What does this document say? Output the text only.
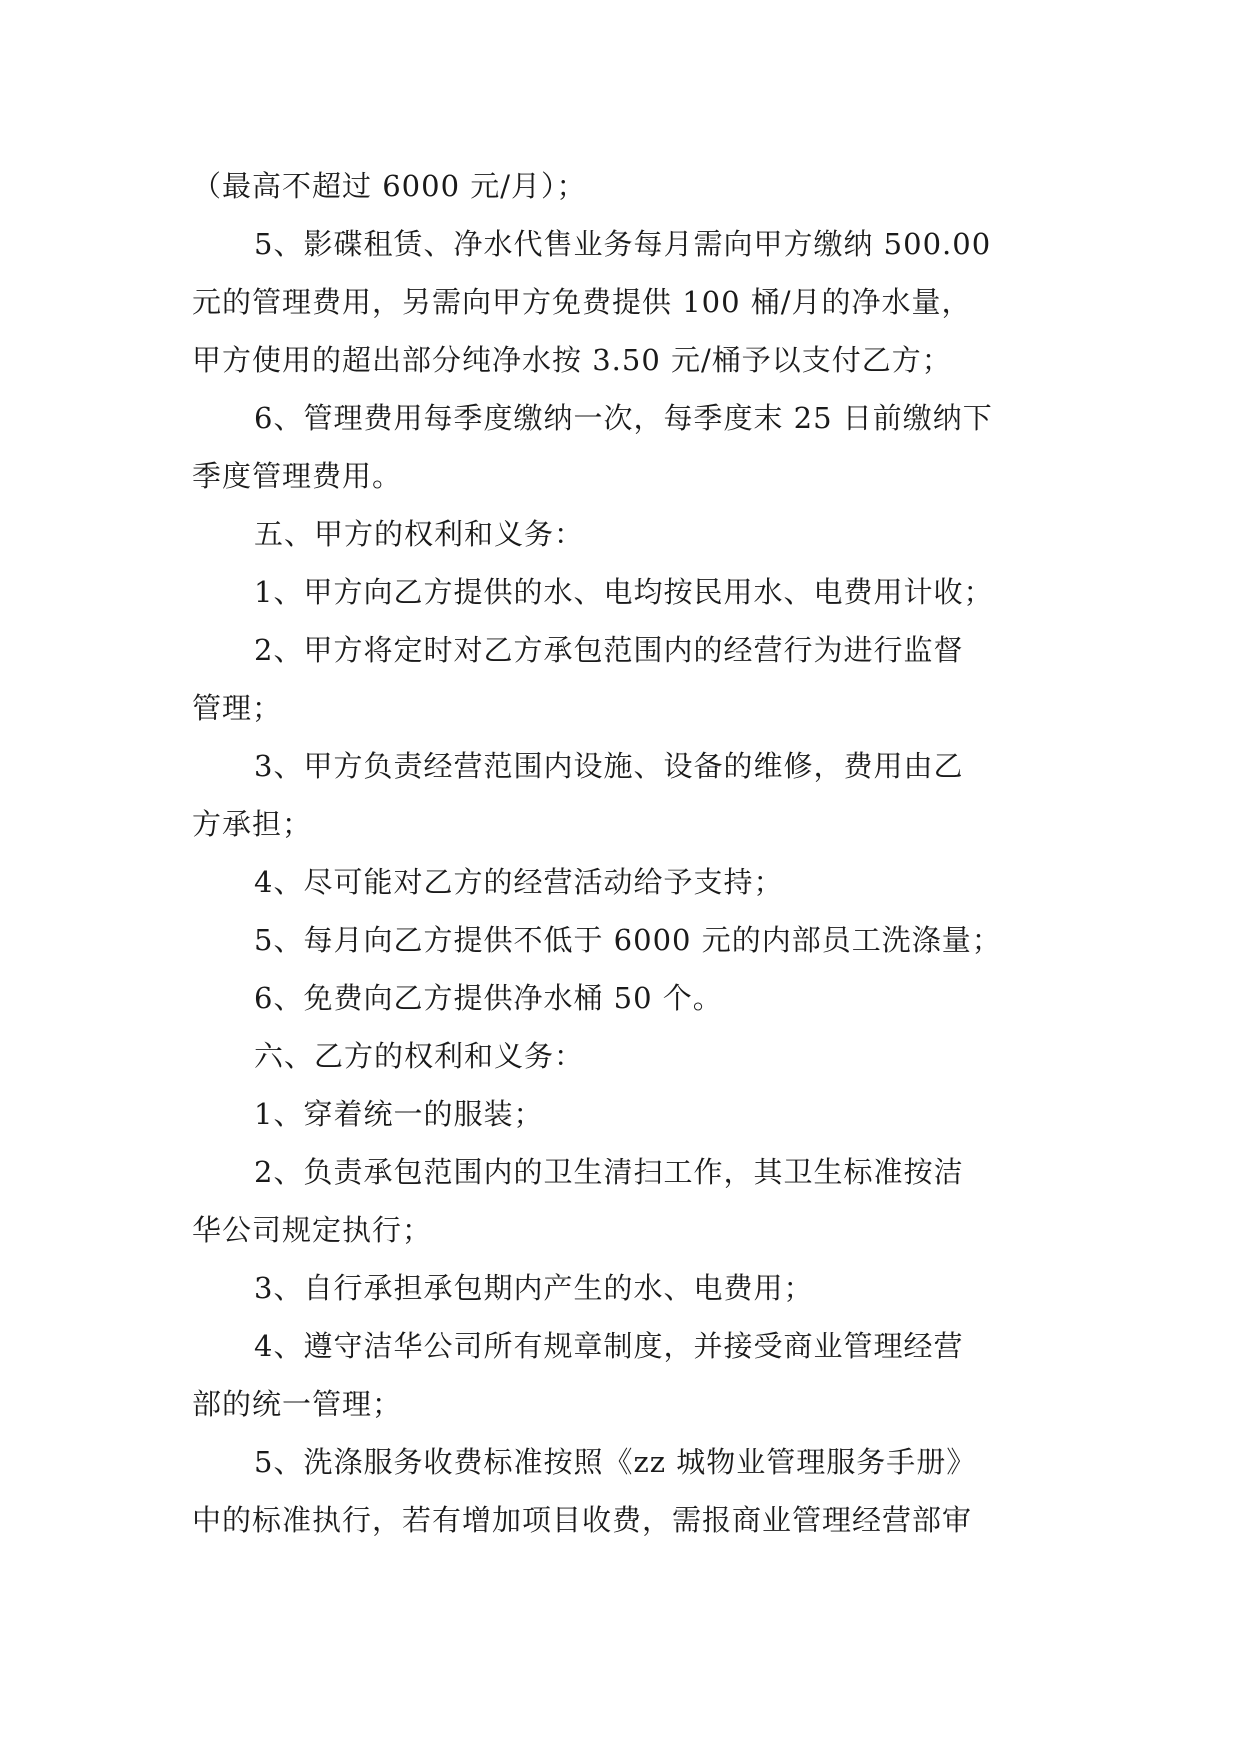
（最高不超过 6000 元/月）；
5、影碟租赁、净水代售业务每月需向甲方缴纳 500.00
元的管理费用，另需向甲方免费提供 100 桶/月的净水量，
甲方使用的超出部分纯净水按 3.50 元/桶予以支付乙方；
6、管理费用每季度缴纳一次，每季度末 25 日前缴纳下
季度管理费用。
五、甲方的权利和义务：
1、甲方向乙方提供的水、电均按民用水、电费用计收；
2、甲方将定时对乙方承包范围内的经营行为进行监督
管理；
3、甲方负责经营范围内设施、设备的维修，费用由乙
方承担；
4、尽可能对乙方的经营活动给予支持；
5、每月向乙方提供不低于 6000 元的内部员工洗涤量；
6、免费向乙方提供净水桶 50 个。
六、乙方的权利和义务：
1、穿着统一的服装；
2、负责承包范围内的卫生清扫工作，其卫生标准按洁
华公司规定执行；
3、自行承担承包期内产生的水、电费用；
4、遵守洁华公司所有规章制度，并接受商业管理经营
部的统一管理；
5、洗涤服务收费标准按照《zz 城物业管理服务手册》
中的标准执行，若有增加项目收费，需报商业管理经营部审
